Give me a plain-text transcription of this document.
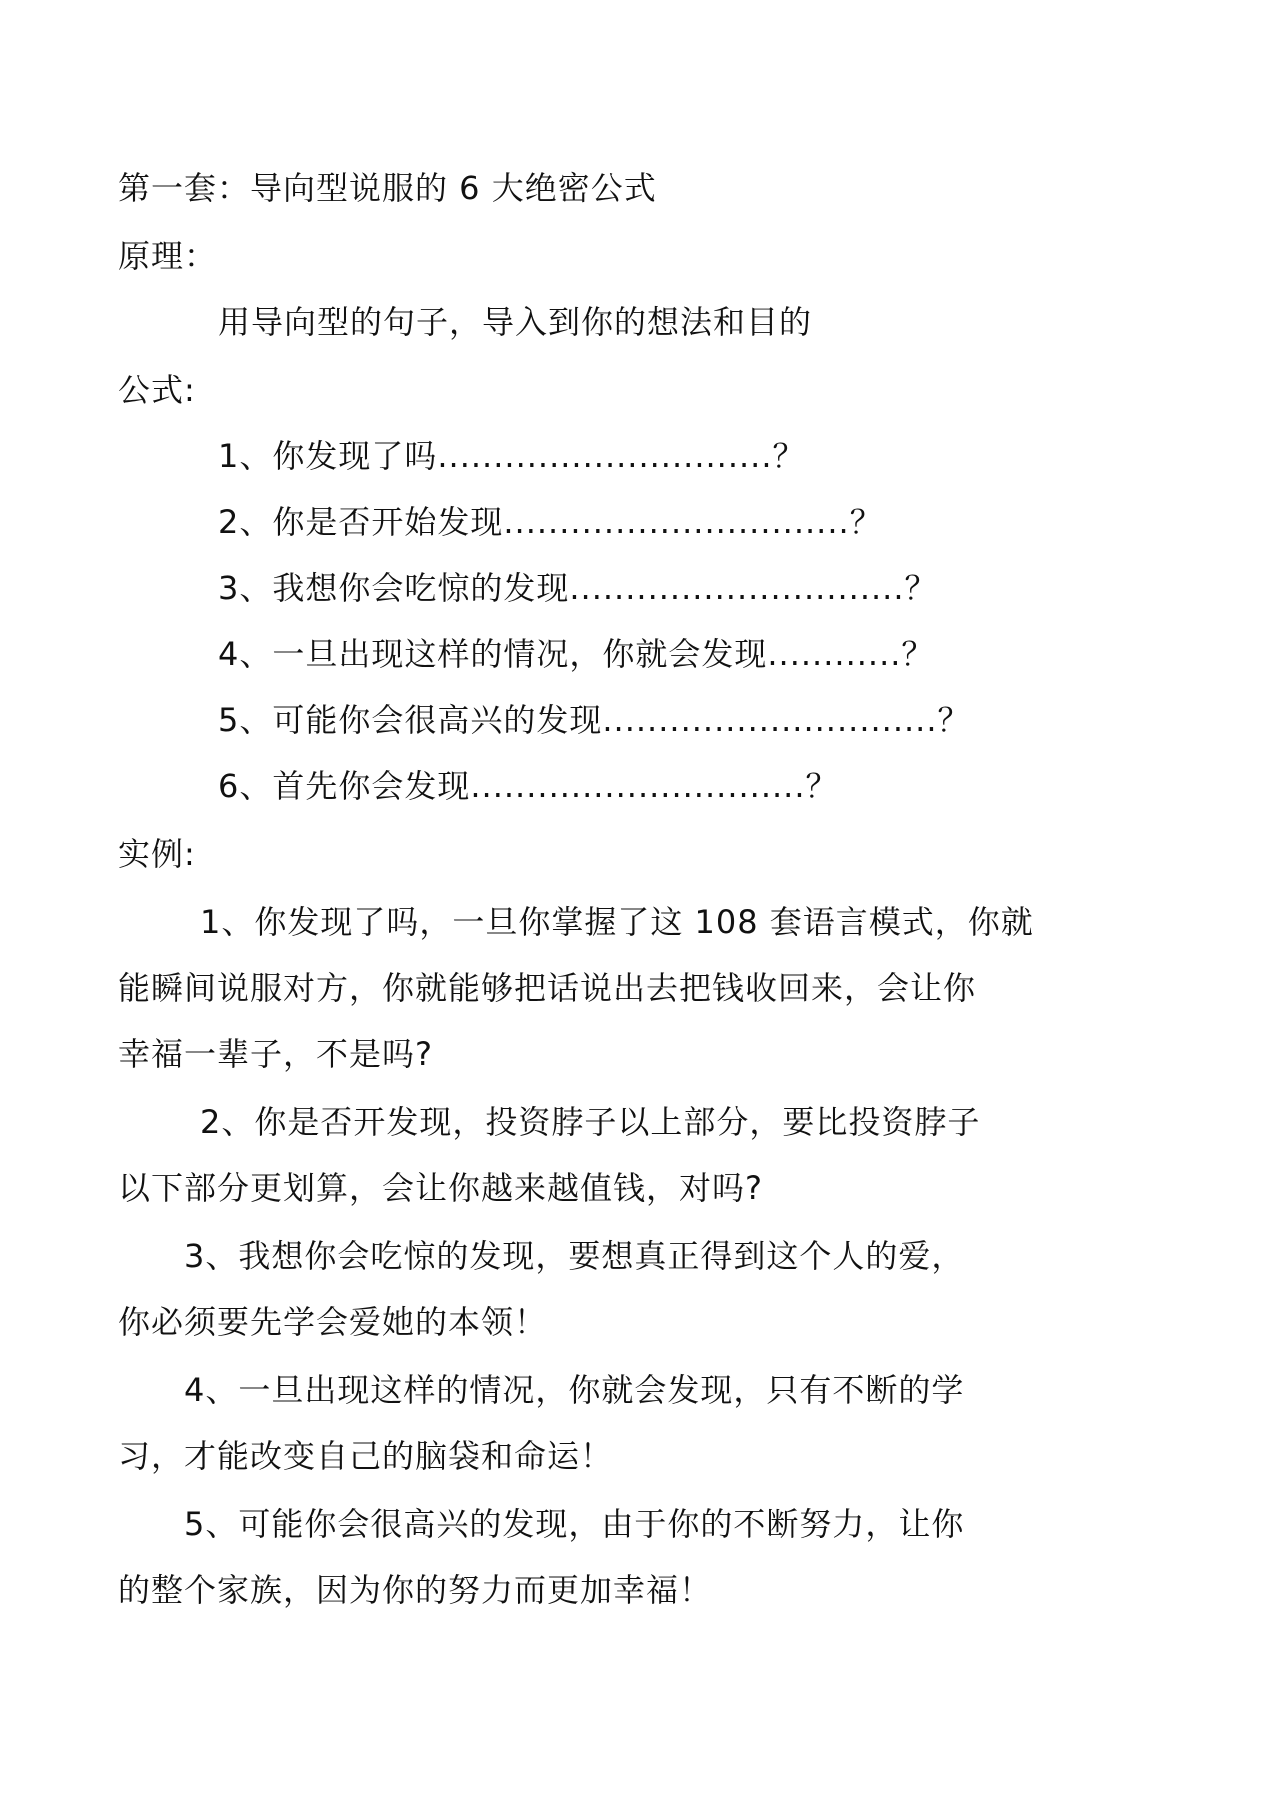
第一套：导向型说服的 6 大绝密公式
原理：
用导向型的句子，导入到你的想法和目的
公式:
1、你发现了吗..............................？
2、你是否开始发现...............................？
3、我想你会吃惊的发现..............................？
4、一旦出现这样的情况，你就会发现............？
5、可能你会很高兴的发现..............................？
6、首先你会发现..............................？
实例:
1、你发现了吗，一旦你掌握了这 108 套语言模式，你就
能瞬间说服对方，你就能够把话说出去把钱收回来，会让你
幸福一辈子，不是吗?
2、你是否开发现，投资脖子以上部分，要比投资脖子
以下部分更划算，会让你越来越值钱，对吗?
3、我想你会吃惊的发现，要想真正得到这个人的爱，
你必须要先学会爱她的本领！
4、一旦出现这样的情况，你就会发现，只有不断的学
习，才能改变自己的脑袋和命运！
5、可能你会很高兴的发现，由于你的不断努力，让你
的整个家族，因为你的努力而更加幸福！
